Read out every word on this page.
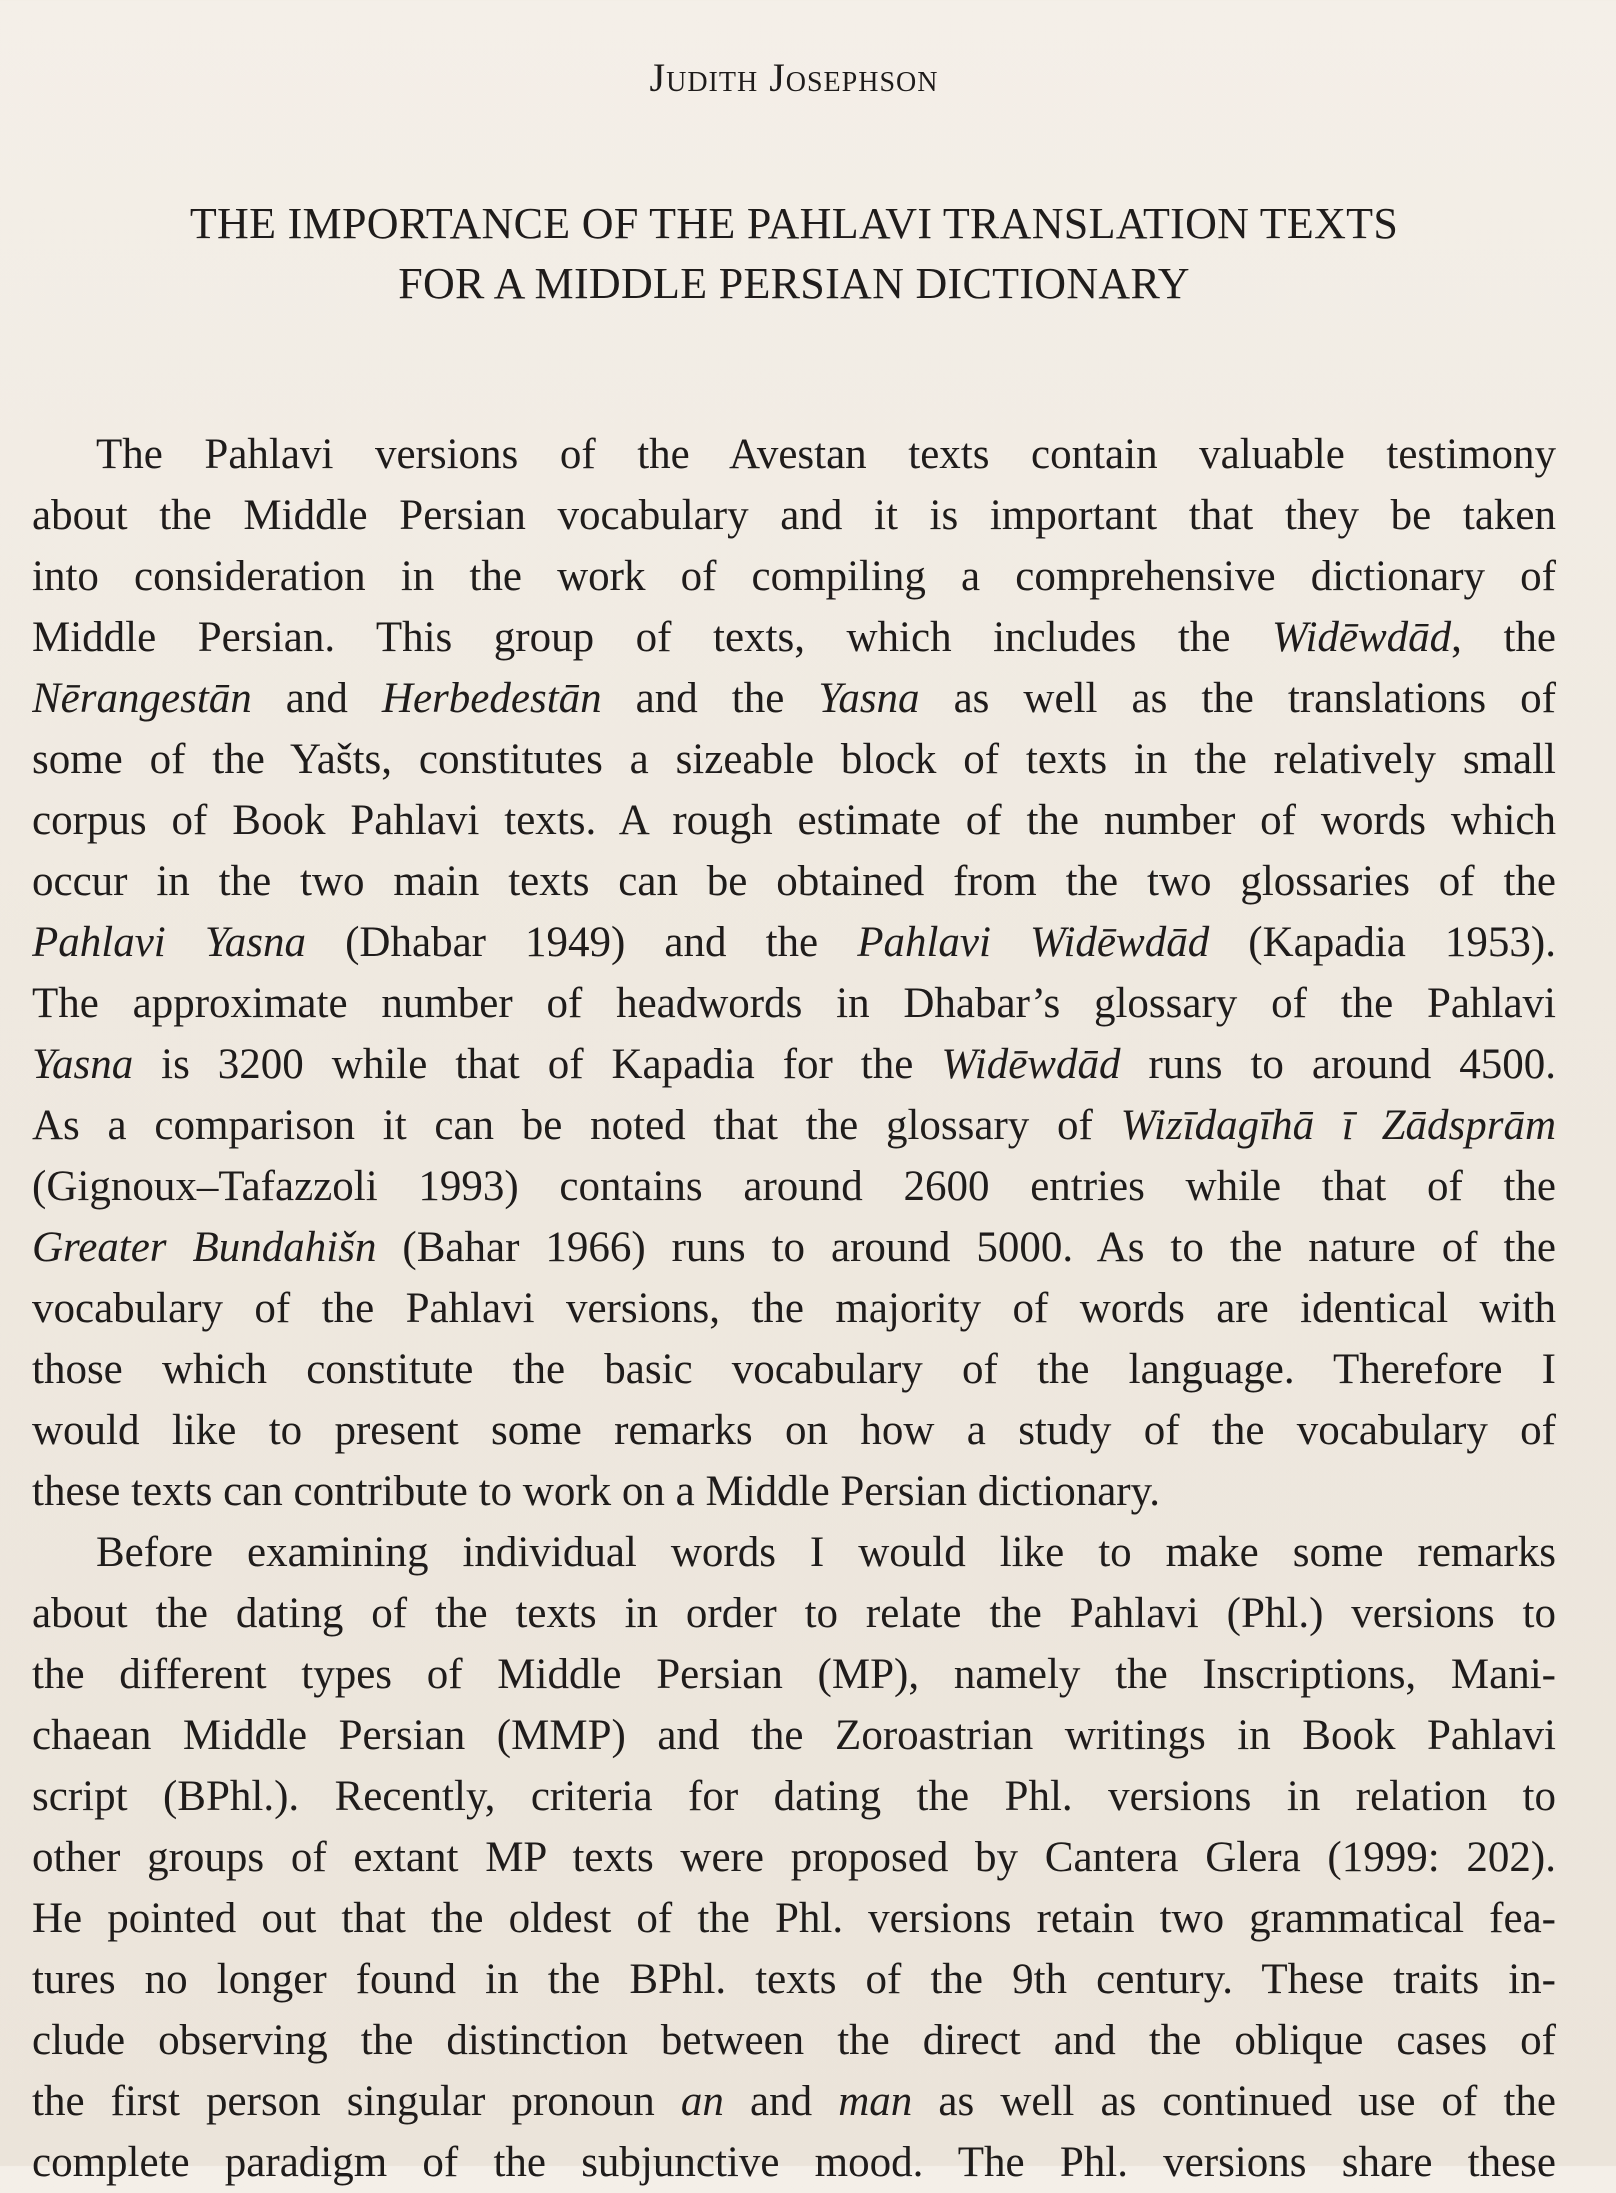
Judith Josephson
THE IMPORTANCE OF THE PAHLAVI TRANSLATION TEXTS
FOR A MIDDLE PERSIAN DICTIONARY

The Pahlavi versions of the Avestan texts contain valuable testimony
about the Middle Persian vocabulary and it is important that they be taken
into consideration in the work of compiling a comprehensive dictionary of
Middle Persian. This group of texts, which includes the Widēwdād, the
Nērangestān and Herbedestān and the Yasna as well as the translations of
some of the Yašts, constitutes a sizeable block of texts in the relatively small
corpus of Book Pahlavi texts. A rough estimate of the number of words which
occur in the two main texts can be obtained from the two glossaries of the
Pahlavi Yasna (Dhabar 1949) and the Pahlavi Widēwdād (Kapadia 1953).
The approximate number of headwords in Dhabar’s glossary of the Pahlavi
Yasna is 3200 while that of Kapadia for the Widēwdād runs to around 4500.
As a comparison it can be noted that the glossary of Wizīdagīhā ī Zādsprām
(Gignoux–Tafazzoli 1993) contains around 2600 entries while that of the
Greater Bundahišn (Bahar 1966) runs to around 5000. As to the nature of the
vocabulary of the Pahlavi versions, the majority of words are identical with
those which constitute the basic vocabulary of the language. Therefore I
would like to present some remarks on how a study of the vocabulary of
these texts can contribute to work on a Middle Persian dictionary.

Before examining individual words I would like to make some remarks
about the dating of the texts in order to relate the Pahlavi (Phl.) versions to
the different types of Middle Persian (MP), namely the Inscriptions, Mani-
chaean Middle Persian (MMP) and the Zoroastrian writings in Book Pahlavi
script (BPhl.). Recently, criteria for dating the Phl. versions in relation to
other groups of extant MP texts were proposed by Cantera Glera (1999: 202).
He pointed out that the oldest of the Phl. versions retain two grammatical fea-
tures no longer found in the BPhl. texts of the 9th century. These traits in-
clude observing the distinction between the direct and the oblique cases of
the first person singular pronoun an and man as well as continued use of the
complete paradigm of the subjunctive mood. The Phl. versions share these
